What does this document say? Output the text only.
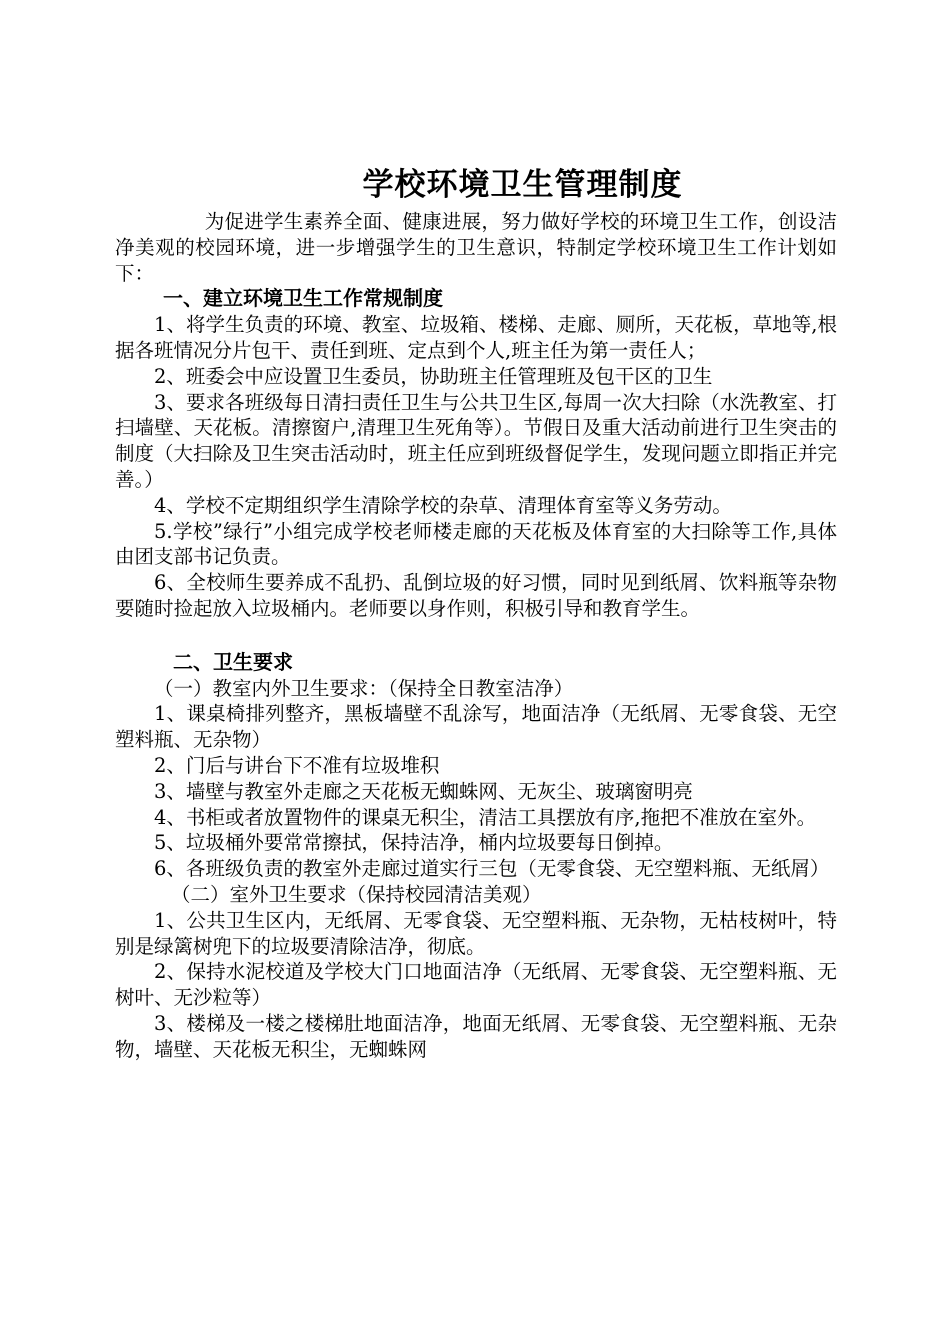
学校环境卫生管理制度

为促进学生素养全面、健康进展，努力做好学校的环境卫生工作，创设洁净美观的校园环境，进一步增强学生的卫生意识，特制定学校环境卫生工作计划如下：

一、建立环境卫生工作常规制度

1、将学生负责的环境、教室、垃圾箱、楼梯、走廊、厕所，天花板，草地等,根据各班情况分片包干、责任到班、定点到个人,班主任为第一责任人；

2、班委会中应设置卫生委员，协助班主任管理班及包干区的卫生

3、要求各班级每日清扫责任卫生与公共卫生区,每周一次大扫除（水洗教室、打扫墙壁、天花板。清擦窗户,清理卫生死角等）。节假日及重大活动前进行卫生突击的制度（大扫除及卫生突击活动时，班主任应到班级督促学生，发现问题立即指正并完善。）

4、学校不定期组织学生清除学校的杂草、清理体育室等义务劳动。

5.学校”绿行”小组完成学校老师楼走廊的天花板及体育室的大扫除等工作,具体由团支部书记负责。

6、全校师生要养成不乱扔、乱倒垃圾的好习惯，同时见到纸屑、饮料瓶等杂物要随时捡起放入垃圾桶内。老师要以身作则，积极引导和教育学生。

二、卫生要求

（一）教室内外卫生要求：（保持全日教室洁净）

1、课桌椅排列整齐，黑板墙壁不乱涂写，地面洁净（无纸屑、无零食袋、无空塑料瓶、无杂物）

2、门后与讲台下不准有垃圾堆积

3、墙壁与教室外走廊之天花板无蜘蛛网、无灰尘、玻璃窗明亮

4、书柜或者放置物件的课桌无积尘，清洁工具摆放有序,拖把不准放在室外。

5、垃圾桶外要常常擦拭，保持洁净，桶内垃圾要每日倒掉。

6、各班级负责的教室外走廊过道实行三包（无零食袋、无空塑料瓶、无纸屑）

（二）室外卫生要求（保持校园清洁美观）

1、公共卫生区内，无纸屑、无零食袋、无空塑料瓶、无杂物，无枯枝树叶，特别是绿篱树兜下的垃圾要清除洁净，彻底。

2、保持水泥校道及学校大门口地面洁净（无纸屑、无零食袋、无空塑料瓶、无树叶、无沙粒等）

3、楼梯及一楼之楼梯肚地面洁净，地面无纸屑、无零食袋、无空塑料瓶、无杂物，墙壁、天花板无积尘，无蜘蛛网
